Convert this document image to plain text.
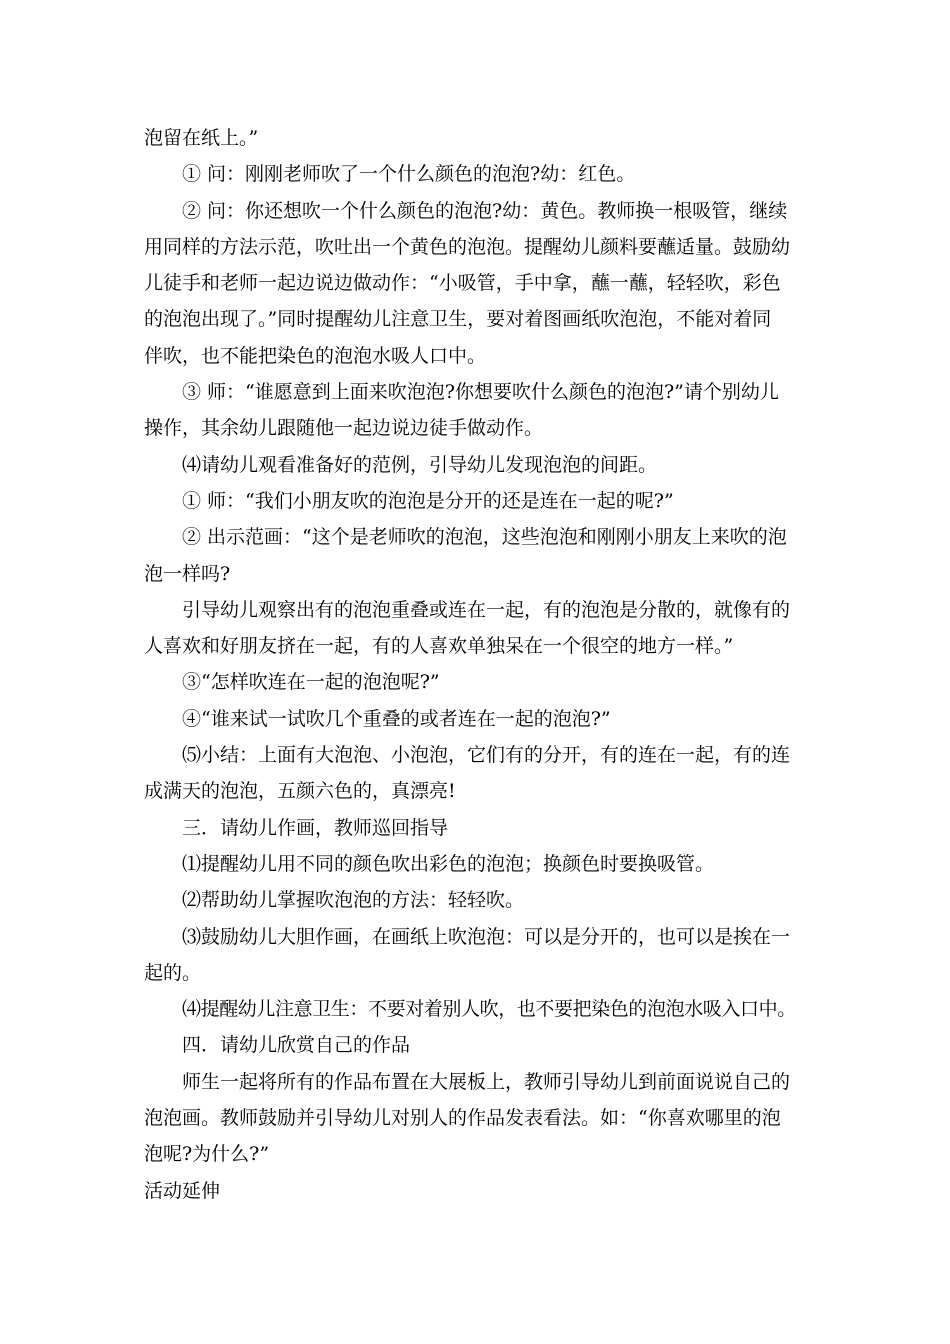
泡留在纸上。”
① 问：刚刚老师吹了一个什么颜色的泡泡?幼：红色。
② 问：你还想吹一个什么颜色的泡泡?幼：黄色。教师换一根吸管，继续
用同样的方法示范，吹吐出一个黄色的泡泡。提醒幼儿颜料要蘸适量。鼓励幼
儿徒手和老师一起边说边做动作：“小吸管，手中拿，蘸一蘸，轻轻吹，彩色
的泡泡出现了。”同时提醒幼儿注意卫生，要对着图画纸吹泡泡，不能对着同
伴吹，也不能把染色的泡泡水吸人口中。
③ 师：“谁愿意到上面来吹泡泡?你想要吹什么颜色的泡泡?”请个别幼儿
操作，其余幼儿跟随他一起边说边徒手做动作。
⑷请幼儿观看准备好的范例，引导幼儿发现泡泡的间距。
① 师：“我们小朋友吹的泡泡是分开的还是连在一起的呢?”
② 出示范画：“这个是老师吹的泡泡，这些泡泡和刚刚小朋友上来吹的泡
泡一样吗?
引导幼儿观察出有的泡泡重叠或连在一起，有的泡泡是分散的，就像有的
人喜欢和好朋友挤在一起，有的人喜欢单独呆在一个很空的地方一样。”
③“怎样吹连在一起的泡泡呢?”
④“谁来试一试吹几个重叠的或者连在一起的泡泡?”
⑸小结：上面有大泡泡、小泡泡，它们有的分开，有的连在一起，有的连
成满天的泡泡，五颜六色的，真漂亮!
三．请幼儿作画，教师巡回指导
⑴提醒幼儿用不同的颜色吹出彩色的泡泡；换颜色时要换吸管。
⑵帮助幼儿掌握吹泡泡的方法：轻轻吹。
⑶鼓励幼儿大胆作画，在画纸上吹泡泡：可以是分开的，也可以是挨在一
起的。
⑷提醒幼儿注意卫生：不要对着别人吹，也不要把染色的泡泡水吸入口中。
四．请幼儿欣赏自己的作品
师生一起将所有的作品布置在大展板上，教师引导幼儿到前面说说自己的
泡泡画。教师鼓励并引导幼儿对别人的作品发表看法。如：“你喜欢哪里的泡
泡呢?为什么?”
活动延伸
